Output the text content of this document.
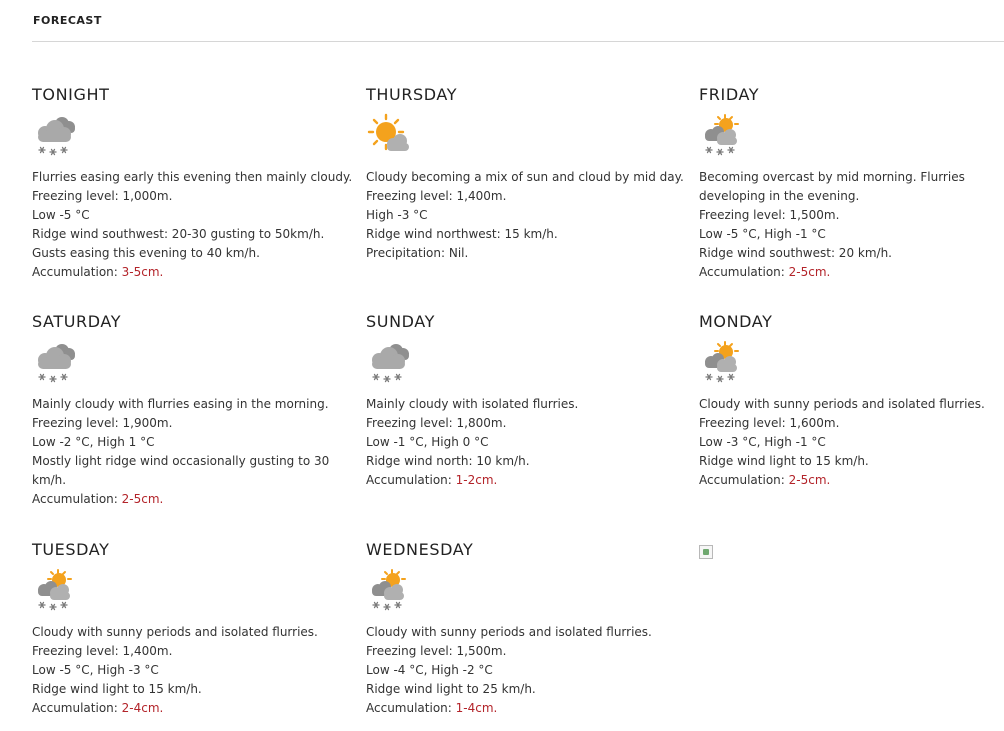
FORECAST
TONIGHT
Flurries easing early this evening then mainly cloudy.
Freezing level: 1,000m.
Low -5 °C
Ridge wind southwest: 20-30 gusting to 50km/h.
Gusts easing this evening to 40 km/h.
Accumulation: 3-5cm.
THURSDAY
Cloudy becoming a mix of sun and cloud by mid day.
Freezing level: 1,400m.
High -3 °C
Ridge wind northwest: 15 km/h.
Precipitation: Nil.
FRIDAY
Becoming overcast by mid morning. Flurries developing in the evening.
Freezing level: 1,500m.
Low -5 °C, High -1 °C
Ridge wind southwest: 20 km/h.
Accumulation: 2-5cm.
SATURDAY
Mainly cloudy with flurries easing in the morning.
Freezing level: 1,900m.
Low -2 °C, High 1 °C
Mostly light ridge wind occasionally gusting to 30 km/h.
Accumulation: 2-5cm.
SUNDAY
Mainly cloudy with isolated flurries.
Freezing level: 1,800m.
Low -1 °C, High 0 °C
Ridge wind north: 10 km/h.
Accumulation: 1-2cm.
MONDAY
Cloudy with sunny periods and isolated flurries.
Freezing level: 1,600m.
Low -3 °C, High -1 °C
Ridge wind light to 15 km/h.
Accumulation: 2-5cm.
TUESDAY
Cloudy with sunny periods and isolated flurries.
Freezing level: 1,400m.
Low -5 °C, High -3 °C
Ridge wind light to 15 km/h.
Accumulation: 2-4cm.
WEDNESDAY
Cloudy with sunny periods and isolated flurries.
Freezing level: 1,500m.
Low -4 °C, High -2 °C
Ridge wind light to 25 km/h.
Accumulation: 1-4cm.
